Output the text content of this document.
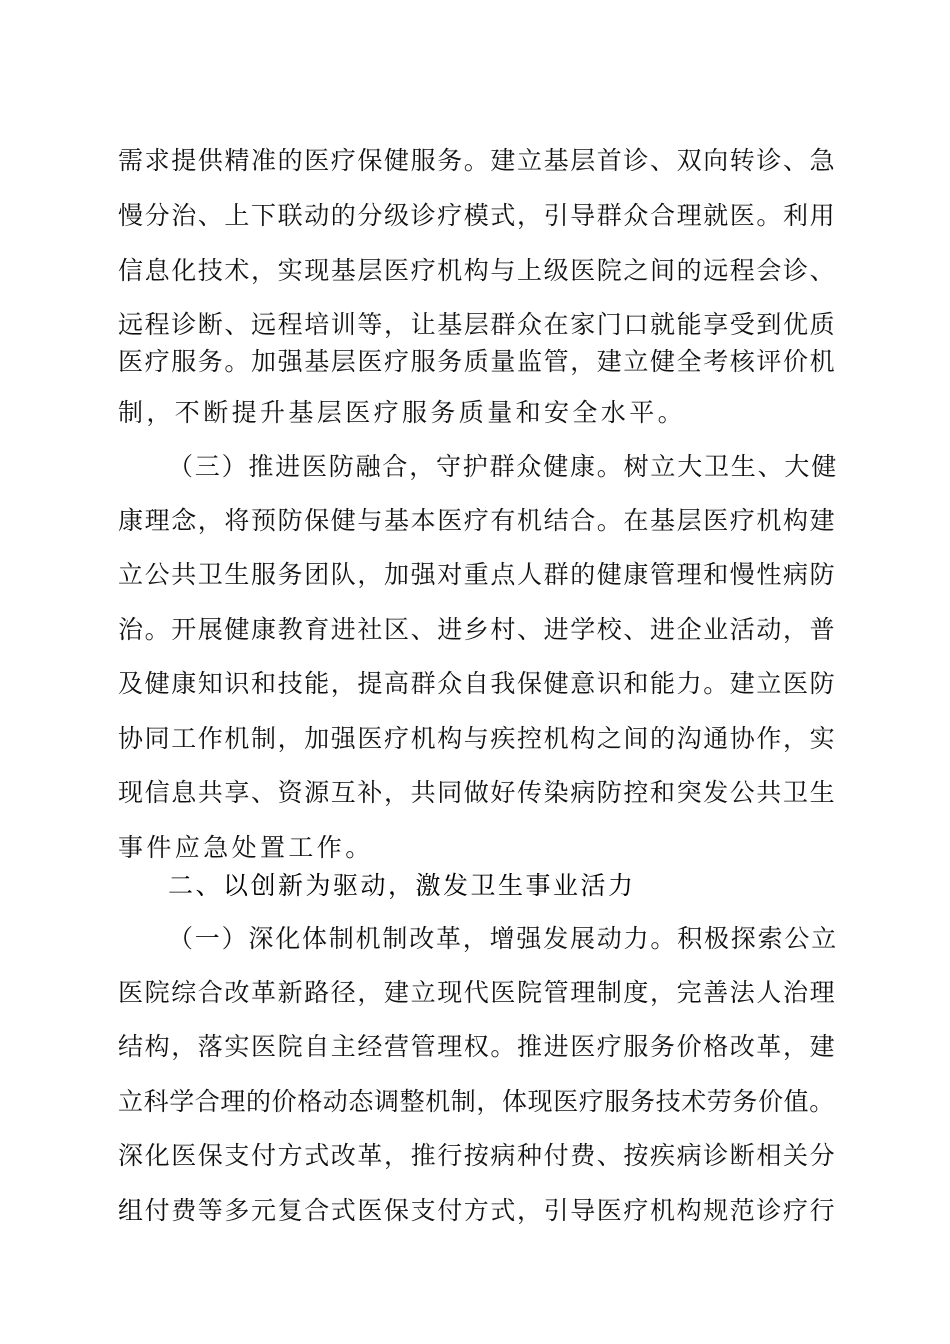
需求提供精准的医疗保健服务。建立基层首诊、双向转诊、急
慢分治、上下联动的分级诊疗模式，引导群众合理就医。利用
信息化技术，实现基层医疗机构与上级医院之间的远程会诊、
远程诊断、远程培训等，让基层群众在家门口就能享受到优质
医疗服务。加强基层医疗服务质量监管，建立健全考核评价机
制，不断提升基层医疗服务质量和安全水平。
（三）推进医防融合，守护群众健康。树立大卫生、大健
康理念，将预防保健与基本医疗有机结合。在基层医疗机构建
立公共卫生服务团队，加强对重点人群的健康管理和慢性病防
治。开展健康教育进社区、进乡村、进学校、进企业活动，普
及健康知识和技能，提高群众自我保健意识和能力。建立医防
协同工作机制，加强医疗机构与疾控机构之间的沟通协作，实
现信息共享、资源互补，共同做好传染病防控和突发公共卫生
事件应急处置工作。
二、以创新为驱动，激发卫生事业活力
（一）深化体制机制改革，增强发展动力。积极探索公立
医院综合改革新路径，建立现代医院管理制度，完善法人治理
结构，落实医院自主经营管理权。推进医疗服务价格改革，建
立科学合理的价格动态调整机制，体现医疗服务技术劳务价值。
深化医保支付方式改革，推行按病种付费、按疾病诊断相关分
组付费等多元复合式医保支付方式，引导医疗机构规范诊疗行
